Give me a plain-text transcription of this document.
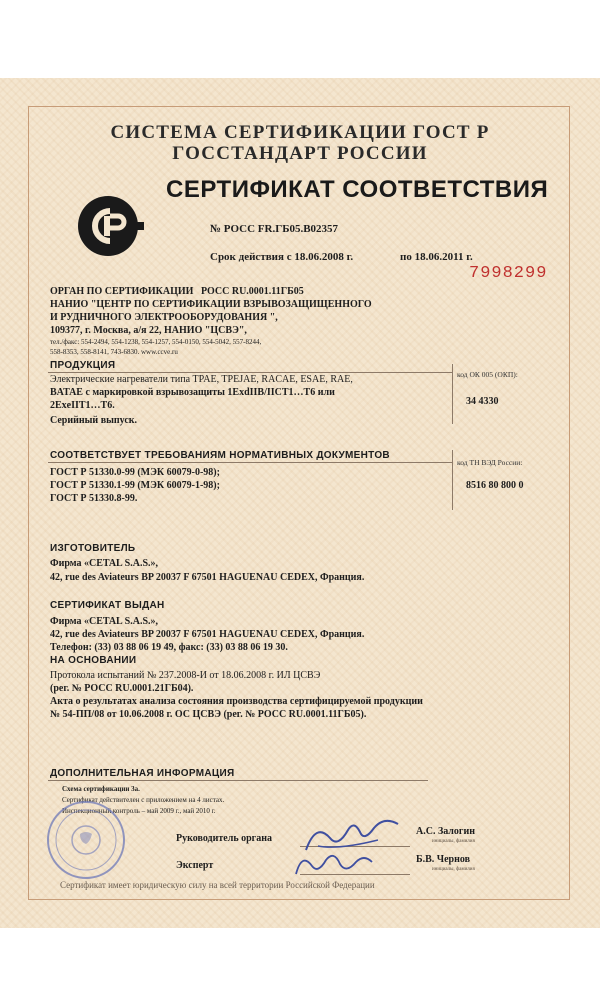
СИСТЕМА СЕРТИФИКАЦИИ ГОСТ Р
ГОССТАНДАРТ РОССИИ
СЕРТИФИКАТ СООТВЕТСТВИЯ
№ РОСС FR.ГБ05.В02357
Срок действия с 18.06.2008 г.	по 18.06.2011 г.
7998299
ОРГАН ПО СЕРТИФИКАЦИИ РОСС RU.0001.11ГБ05
НАНИО "ЦЕНТР ПО СЕРТИФИКАЦИИ ВЗРЫВОЗАЩИЩЕННОГО
И РУДНИЧНОГО ЭЛЕКТРООБОРУДОВАНИЯ ",
109377, г. Москва, а/я 22, НАНИО "ЦСВЭ",
тел./факс: 554-2494, 554-1238, 554-1257, 554-0150, 554-5042, 557-8244,
558-8353, 558-8141, 743-6830. www.ccve.ru
ПРОДУКЦИЯ
Электрические нагреватели типа TPAE, TPEJAE, RACAE, ESAE, RAE,
BATAE с маркировкой взрывозащиты 1ExdIIB/IICT1…T6 или
2ExeIIT1…T6.
Серийный выпуск.
код ОК 005 (ОКП):
34 4330
СООТВЕТСТВУЕТ ТРЕБОВАНИЯМ НОРМАТИВНЫХ ДОКУМЕНТОВ
ГОСТ Р 51330.0-99 (МЭК 60079-0-98);
ГОСТ Р 51330.1-99 (МЭК 60079-1-98);
ГОСТ Р 51330.8-99.
код ТН ВЭД России:
8516 80 800 0
ИЗГОТОВИТЕЛЬ
Фирма «CETAL S.A.S.»,
42, rue des Aviateurs BP 20037 F 67501 HAGUENAU CEDEX, Франция.
СЕРТИФИКАТ ВЫДАН
Фирма «CETAL S.A.S.»,
42, rue des Aviateurs BP 20037 F 67501 HAGUENAU CEDEX, Франция.
Телефон: (33) 03 88 06 19 49, факс: (33) 03 88 06 19 30.
НА ОСНОВАНИИ
Протокола испытаний № 237.2008-И от 18.06.2008 г. ИЛ ЦСВЭ
(рег. № РОСС RU.0001.21ГБ04).
Акта о результатах анализа состояния производства сертифицируемой продукции
№ 54-ПП/08 от 10.06.2008 г. ОС ЦСВЭ (рег. № РОСС RU.0001.11ГБ05).
ДОПОЛНИТЕЛЬНАЯ ИНФОРМАЦИЯ
Схема сертификации 3а.
Сертификат действителен с приложением на 4 листах.
Инспекционный контроль – май 2009 г., май 2010 г.
Руководитель органа
А.С. Залогин
инициалы, фамилия
Эксперт
Б.В. Чернов
инициалы, фамилия
Сертификат имеет юридическую силу на всей территории Российской Федерации
